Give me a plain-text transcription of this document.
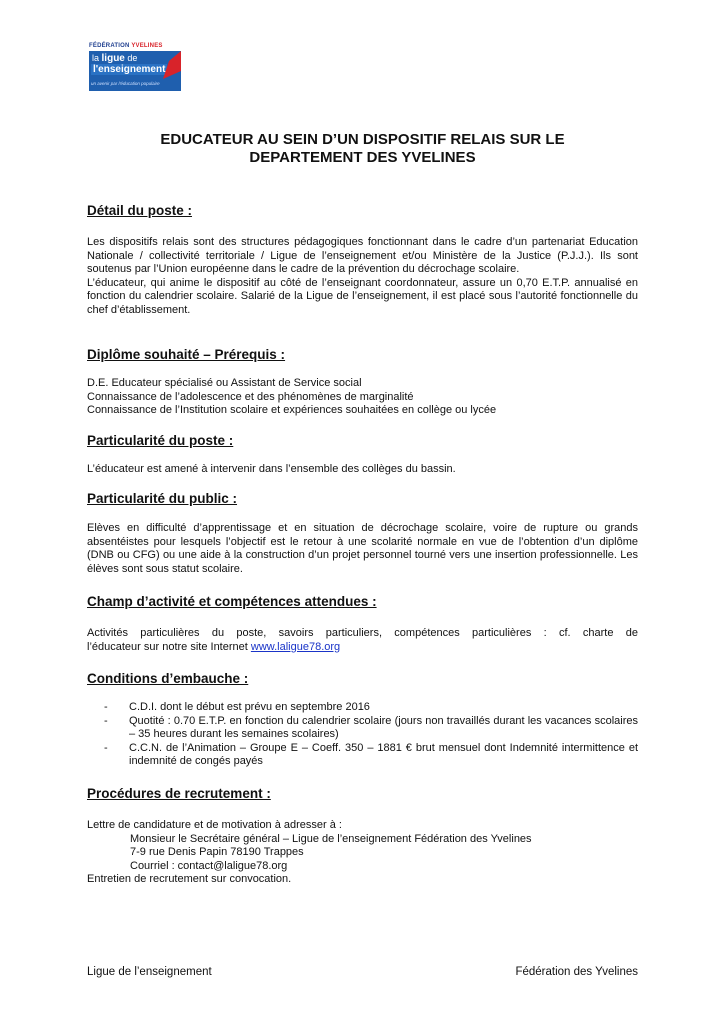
FÉDÉRATION YVELINES
la ligue de
l'enseignement
un avenir par l'éducation populaire
EDUCATEUR AU SEIN D’UN DISPOSITIF RELAIS SUR LE
DEPARTEMENT DES YVELINES
Détail du poste :
Les dispositifs relais sont des structures pédagogiques fonctionnant dans le cadre d’un partenariat Education Nationale / collectivité territoriale / Ligue de l’enseignement et/ou Ministère de la Justice (P.J.J.). Ils sont soutenus par l’Union européenne dans le cadre de la prévention du décrochage scolaire.
L’éducateur, qui anime le dispositif au côté de l’enseignant coordonnateur, assure un 0,70 E.T.P. annualisé en fonction du calendrier scolaire. Salarié de la Ligue de l’enseignement, il est placé sous l’autorité fonctionnelle du chef d’établissement.
Diplôme souhaité – Prérequis :
D.E. Educateur spécialisé ou Assistant de Service social
Connaissance de l’adolescence et des phénomènes de marginalité
Connaissance de l’Institution scolaire et expériences souhaitées en collège ou lycée
Particularité du poste :

L’éducateur est amené à intervenir dans l’ensemble des collèges du bassin.

Particularité du public :

Elèves en difficulté d’apprentissage et en situation de décrochage scolaire, voire de rupture ou grands absentéistes pour lesquels l’objectif est le retour à une scolarité normale en vue de l’obtention d’un diplôme (DNB ou CFG) ou une aide à la construction d’un projet personnel tourné vers une insertion professionnelle. Les élèves sont sous statut scolaire.

Champ d’activité et compétences attendues :
Activités particulières du poste, savoirs particuliers, compétences particulières : cf. charte de
l’éducateur sur notre site Internet www.laligue78.org
Conditions d’embauche :
- C.D.I. dont le début est prévu en septembre 2016
- Quotité : 0.70 E.T.P. en fonction du calendrier scolaire (jours non travaillés durant les vacances scolaires – 35 heures durant les semaines scolaires)
- C.C.N. de l’Animation – Groupe E – Coeff. 350 – 1881 € brut mensuel dont Indemnité intermittence et indemnité de congés payés
Procédures de recrutement :
Lettre de candidature et de motivation à adresser à :
Monsieur le Secrétaire général – Ligue de l’enseignement Fédération des Yvelines
7-9 rue Denis Papin 78190 Trappes
Courriel : contact@laligue78.org
Entretien de recrutement sur convocation.
Ligue de l’enseignement	Fédération des Yvelines
